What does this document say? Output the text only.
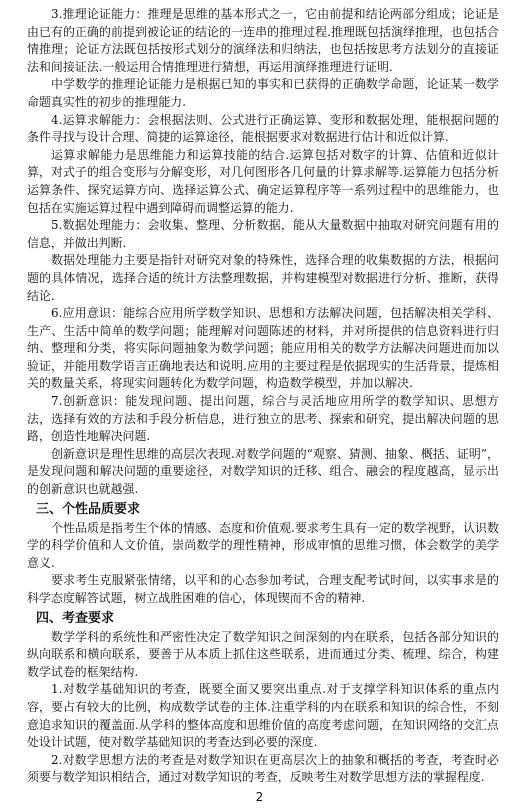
3.推理论证能力：推理是思维的基本形式之一，它由前提和结论两部分组成；论证是由已有的正确的前提到被论证的结论的一连串的推理过程.推理既包括演绎推理，也包括合情推理；论证方法既包括按形式划分的演绎法和归纳法，也包括按思考方法划分的直接证法和间接证法.一般运用合情推理进行猜想，再运用演绎推理进行证明.

中学数学的推理论证能力是根据已知的事实和已获得的正确数学命题，论证某一数学命题真实性的初步的推理能力.

4.运算求解能力：会根据法则、公式进行正确运算、变形和数据处理，能根据问题的条件寻找与设计合理、简捷的运算途径，能根据要求对数据进行估计和近似计算.

运算求解能力是思维能力和运算技能的结合.运算包括对数字的计算、估值和近似计算，对式子的组合变形与分解变形，对几何图形各几何量的计算求解等.运算能力包括分析运算条件、探究运算方向、选择运算公式、确定运算程序等一系列过程中的思维能力，也包括在实施运算过程中遇到障碍而调整运算的能力.

5.数据处理能力：会收集、整理、分析数据，能从大量数据中抽取对研究问题有用的信息，并做出判断.

数据处理能力主要是指针对研究对象的特殊性，选择合理的收集数据的方法，根据问题的具体情况，选择合适的统计方法整理数据，并构建模型对数据进行分析、推断，获得结论.

6.应用意识：能综合应用所学数学知识、思想和方法解决问题，包括解决相关学科、生产、生活中简单的数学问题；能理解对问题陈述的材料，并对所提供的信息资料进行归纳、整理和分类，将实际问题抽象为数学问题；能应用相关的数学方法解决问题进而加以验证，并能用数学语言正确地表达和说明.应用的主要过程是依据现实的生活背景，提炼相关的数量关系，将现实问题转化为数学问题，构造数学模型，并加以解决.

7.创新意识：能发现问题、提出问题，综合与灵活地应用所学的数学知识、思想方法，选择有效的方法和手段分析信息，进行独立的思考、探索和研究，提出解决问题的思路，创造性地解决问题.

创新意识是理性思维的高层次表现.对数学问题的“观察、猜测、抽象、概括、证明”，是发现问题和解决问题的重要途径，对数学知识的迁移、组合、融会的程度越高，显示出的创新意识也就越强.

三、个性品质要求

个性品质是指考生个体的情感、态度和价值观.要求考生具有一定的数学视野，认识数学的科学价值和人文价值，崇尚数学的理性精神，形成审慎的思维习惯，体会数学的美学意义.

要求考生克服紧张情绪，以平和的心态参加考试，合理支配考试时间，以实事求是的科学态度解答试题，树立战胜困难的信心，体现锲而不舍的精神.

四、考查要求

数学学科的系统性和严密性决定了数学知识之间深刻的内在联系，包括各部分知识的纵向联系和横向联系，要善于从本质上抓住这些联系，进而通过分类、梳理、综合，构建数学试卷的框架结构.

1.对数学基础知识的考查，既要全面又要突出重点.对于支撑学科知识体系的重点内容，要占有较大的比例，构成数学试卷的主体.注重学科的内在联系和知识的综合性，不刻意追求知识的覆盖面.从学科的整体高度和思维价值的高度考虑问题，在知识网络的交汇点处设计试题，使对数学基础知识的考查达到必要的深度.

2.对数学思想方法的考查是对数学知识在更高层次上的抽象和概括的考查，考查时必须要与数学知识相结合，通过对数学知识的考查，反映考生对数学思想方法的掌握程度.

2
